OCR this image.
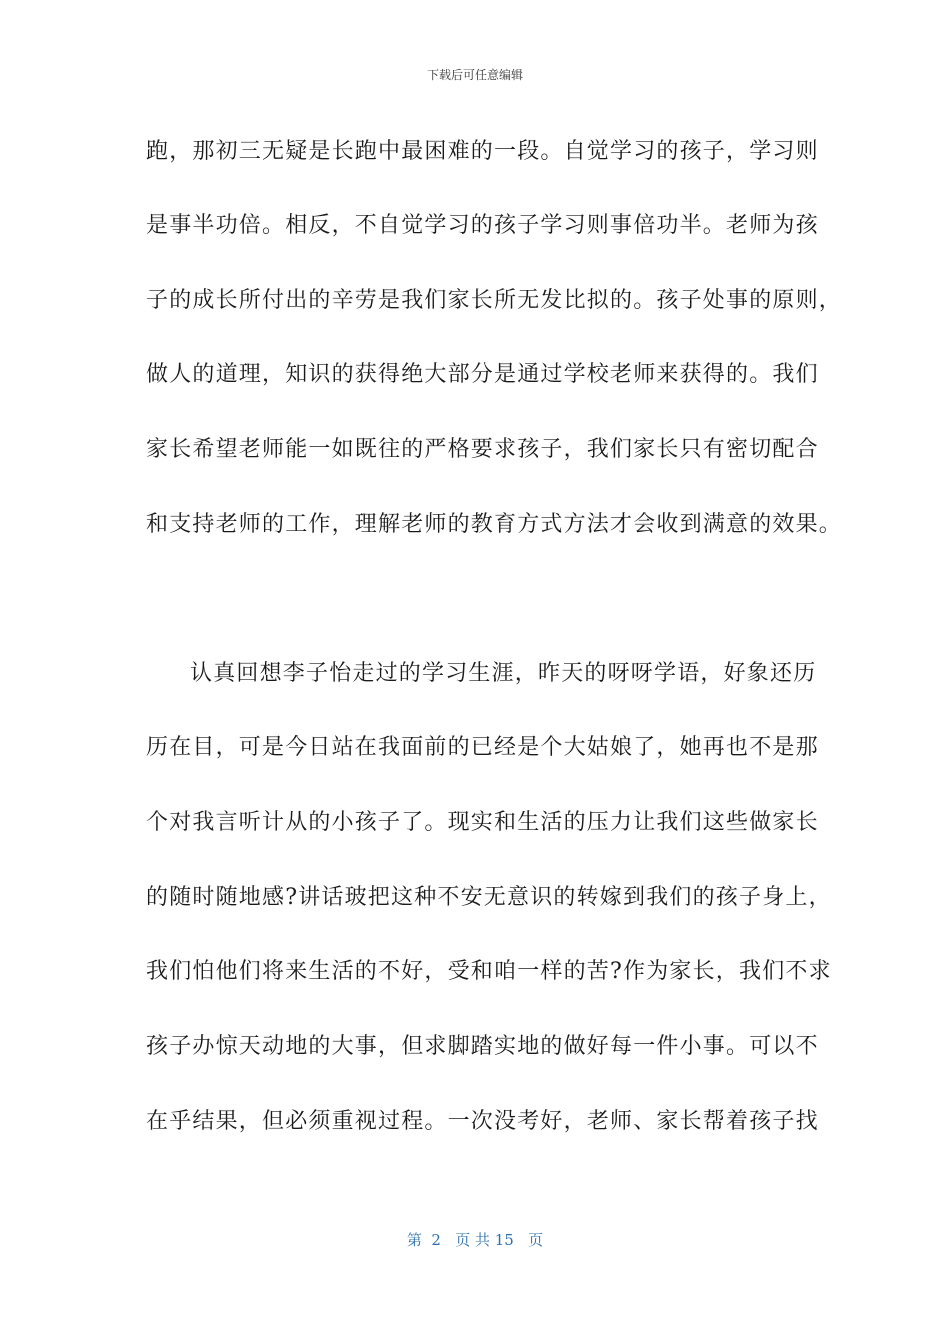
下载后可任意编辑
跑，那初三无疑是长跑中最困难的一段。自觉学习的孩子，学习则
是事半功倍。相反，不自觉学习的孩子学习则事倍功半。老师为孩
子的成长所付出的辛劳是我们家长所无发比拟的。孩子处事的原则，
做人的道理，知识的获得绝大部分是通过学校老师来获得的。我们
家长希望老师能一如既往的严格要求孩子，我们家长只有密切配合
和支持老师的工作，理解老师的教育方式方法才会收到满意的效果。
认真回想李子怡走过的学习生涯，昨天的呀呀学语，好象还历
历在目，可是今日站在我面前的已经是个大姑娘了，她再也不是那
个对我言听计从的小孩子了。现实和生活的压力让我们这些做家长
的随时随地感?讲话玻把这种不安无意识的转嫁到我们的孩子身上，
我们怕他们将来生活的不好，受和咱一样的苦?作为家长，我们不求
孩子办惊天动地的大事，但求脚踏实地的做好每一件小事。可以不
在乎结果，但必须重视过程。一次没考好，老师、家长帮着孩子找
第  2   页 共 15   页
